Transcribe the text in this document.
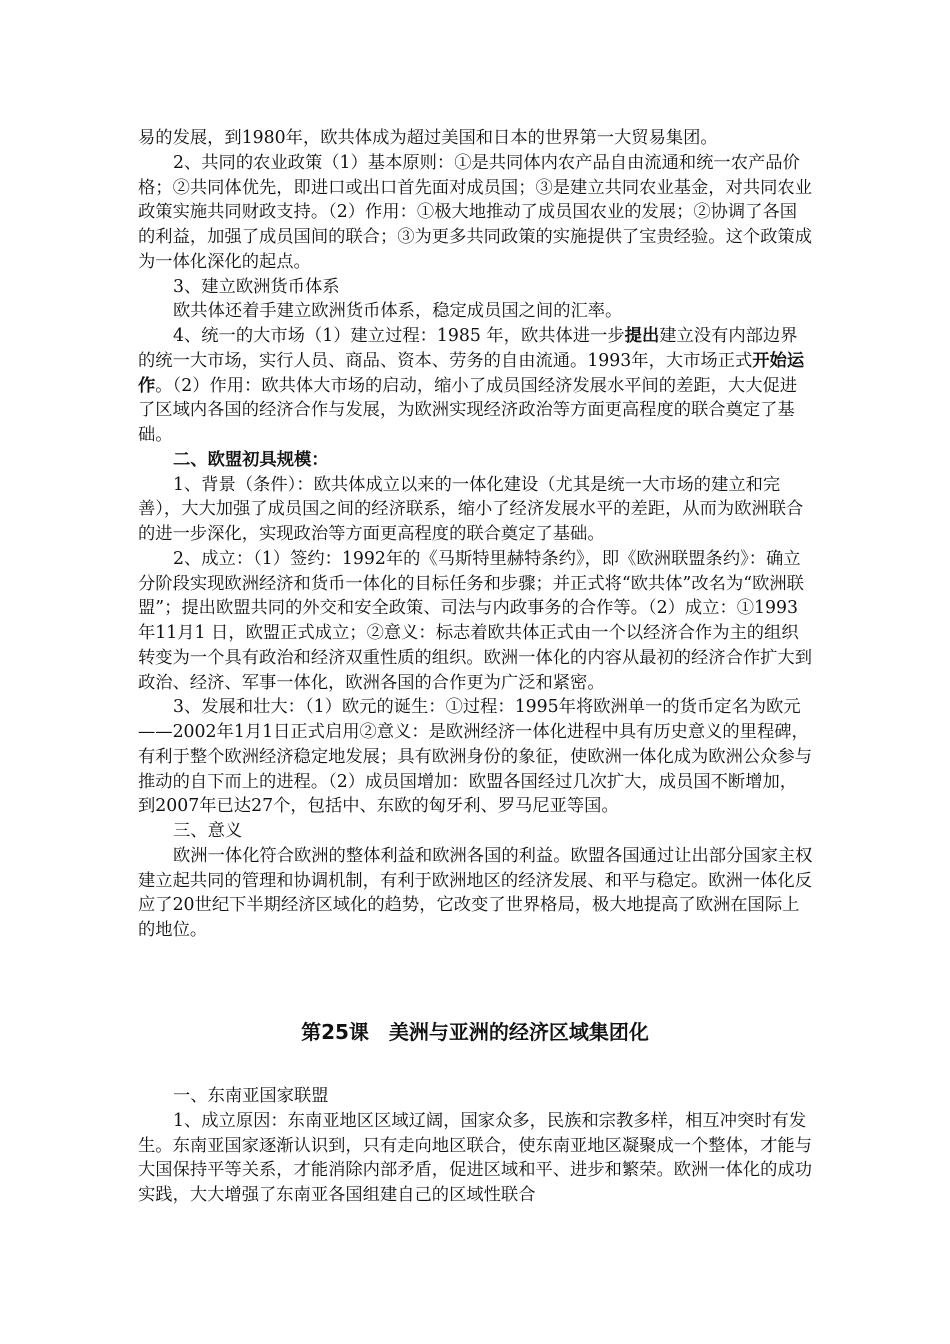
易的发展，到1980年，欧共体成为超过美国和日本的世界第一大贸易集团。

2、共同的农业政策（1）基本原则：①是共同体内农产品自由流通和统一农产品价格；②共同体优先，即进口或出口首先面对成员国；③是建立共同农业基金，对共同农业政策实施共同财政支持。（2）作用：①极大地推动了成员国农业的发展；②协调了各国的利益，加强了成员国间的联合；③为更多共同政策的实施提供了宝贵经验。这个政策成为一体化深化的起点。

3、建立欧洲货币体系

欧共体还着手建立欧洲货币体系，稳定成员国之间的汇率。

4、统一的大市场（1）建立过程：1985 年，欧共体进一步提出建立没有内部边界的统一大市场，实行人员、商品、资本、劳务的自由流通。1993年，大市场正式开始运作。（2）作用：欧共体大市场的启动，缩小了成员国经济发展水平间的差距，大大促进了区域内各国的经济合作与发展，为欧洲实现经济政治等方面更高程度的联合奠定了基础。

二、欧盟初具规模：

1、背景（条件）：欧共体成立以来的一体化建设（尤其是统一大市场的建立和完善），大大加强了成员国之间的经济联系，缩小了经济发展水平的差距，从而为欧洲联合的进一步深化，实现政治等方面更高程度的联合奠定了基础。

2、成立：（1）签约：1992年的《马斯特里赫特条约》，即《欧洲联盟条约》：确立分阶段实现欧洲经济和货币一体化的目标任务和步骤；并正式将“欧共体”改名为“欧洲联盟”；提出欧盟共同的外交和安全政策、司法与内政事务的合作等。（2）成立：①1993年11月1 日，欧盟正式成立；②意义：标志着欧共体正式由一个以经济合作为主的组织转变为一个具有政治和经济双重性质的组织。欧洲一体化的内容从最初的经济合作扩大到政治、经济、军事一体化，欧洲各国的合作更为广泛和紧密。

3、发展和壮大：（1）欧元的诞生：①过程：1995年将欧洲单一的货币定名为欧元——2002年1月1日正式启用②意义：是欧洲经济一体化进程中具有历史意义的里程碑，有利于整个欧洲经济稳定地发展；具有欧洲身份的象征，使欧洲一体化成为欧洲公众参与推动的自下而上的进程。（2）成员国增加：欧盟各国经过几次扩大，成员国不断增加，到2007年已达27个，包括中、东欧的匈牙利、罗马尼亚等国。

三、意义

欧洲一体化符合欧洲的整体利益和欧洲各国的利益。欧盟各国通过让出部分国家主权建立起共同的管理和协调机制，有利于欧洲地区的经济发展、和平与稳定。欧洲一体化反应了20世纪下半期经济区域化的趋势，它改变了世界格局，极大地提高了欧洲在国际上的地位。

第25课　美洲与亚洲的经济区域集团化

一、东南亚国家联盟

1、成立原因：东南亚地区区域辽阔，国家众多，民族和宗教多样，相互冲突时有发生。东南亚国家逐渐认识到，只有走向地区联合，使东南亚地区凝聚成一个整体，才能与大国保持平等关系，才能消除内部矛盾，促进区域和平、进步和繁荣。欧洲一体化的成功实践，大大增强了东南亚各国组建自己的区域性联合
